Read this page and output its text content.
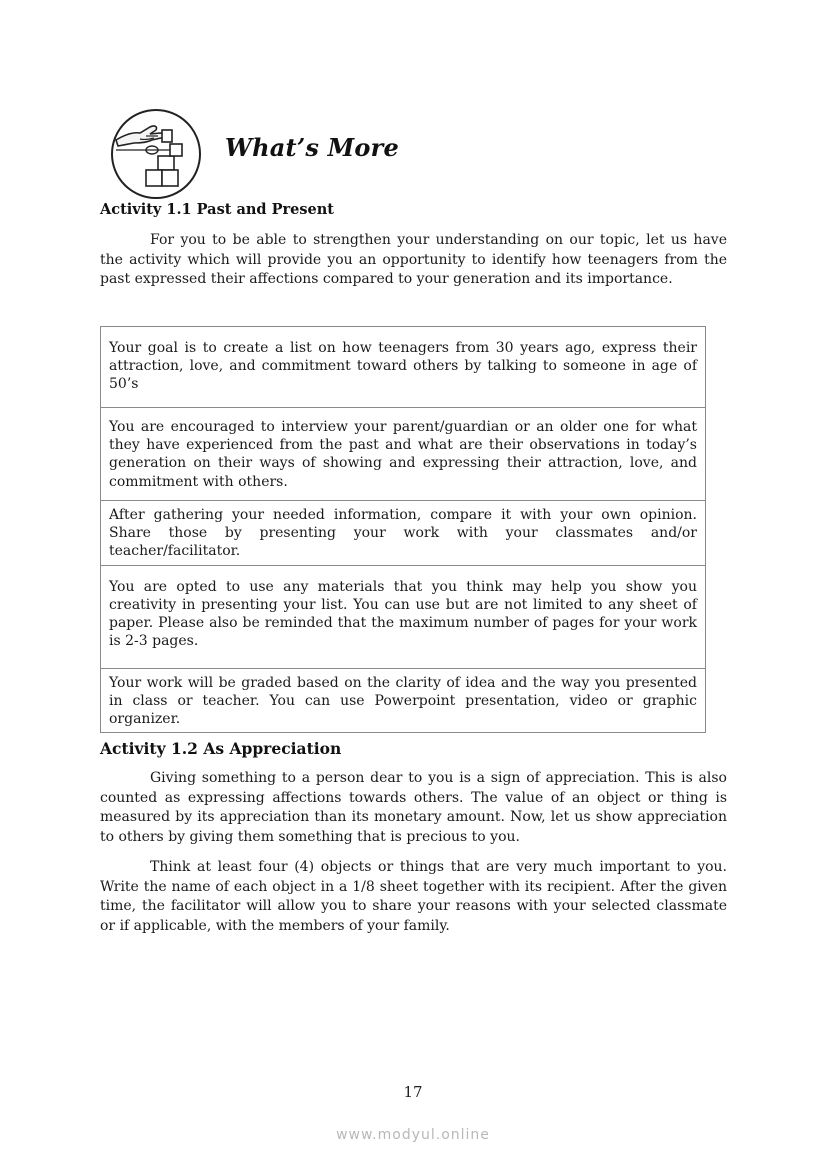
What’s More
Activity 1.1 Past and Present

For you to be able to strengthen your understanding on our topic, let us have the activity which will provide you an opportunity to identify how teenagers from the past expressed their affections compared to your generation and its importance.

Your goal is to create a list on how teenagers from 30 years ago, express their attraction, love, and commitment toward others by talking to someone in age of 50’s
You are encouraged to interview your parent/guardian or an older one for what they have experienced from the past and what are their observations in today’s generation on their ways of showing and expressing their attraction, love, and commitment with others.
After gathering your needed information, compare it with your own opinion. Share those by presenting your work with your classmates and/or teacher/facilitator.
You are opted to use any materials that you think may help you show you creativity in presenting your list. You can use but are not limited to any sheet of paper. Please also be reminded that the maximum number of pages for your work is 2-3 pages.
Your work will be graded based on the clarity of idea and the way you presented in class or teacher. You can use Powerpoint presentation, video or graphic organizer.
Activity 1.2 As Appreciation

Giving something to a person dear to you is a sign of appreciation. This is also counted as expressing affections towards others. The value of an object or thing is measured by its appreciation than its monetary amount. Now, let us show appreciation to others by giving them something that is precious to you.

Think at least four (4) objects or things that are very much important to you. Write the name of each object in a 1/8 sheet together with its recipient. After the given time, the facilitator will allow you to share your reasons with your selected classmate or if applicable, with the members of your family.

17
www.modyul.online
